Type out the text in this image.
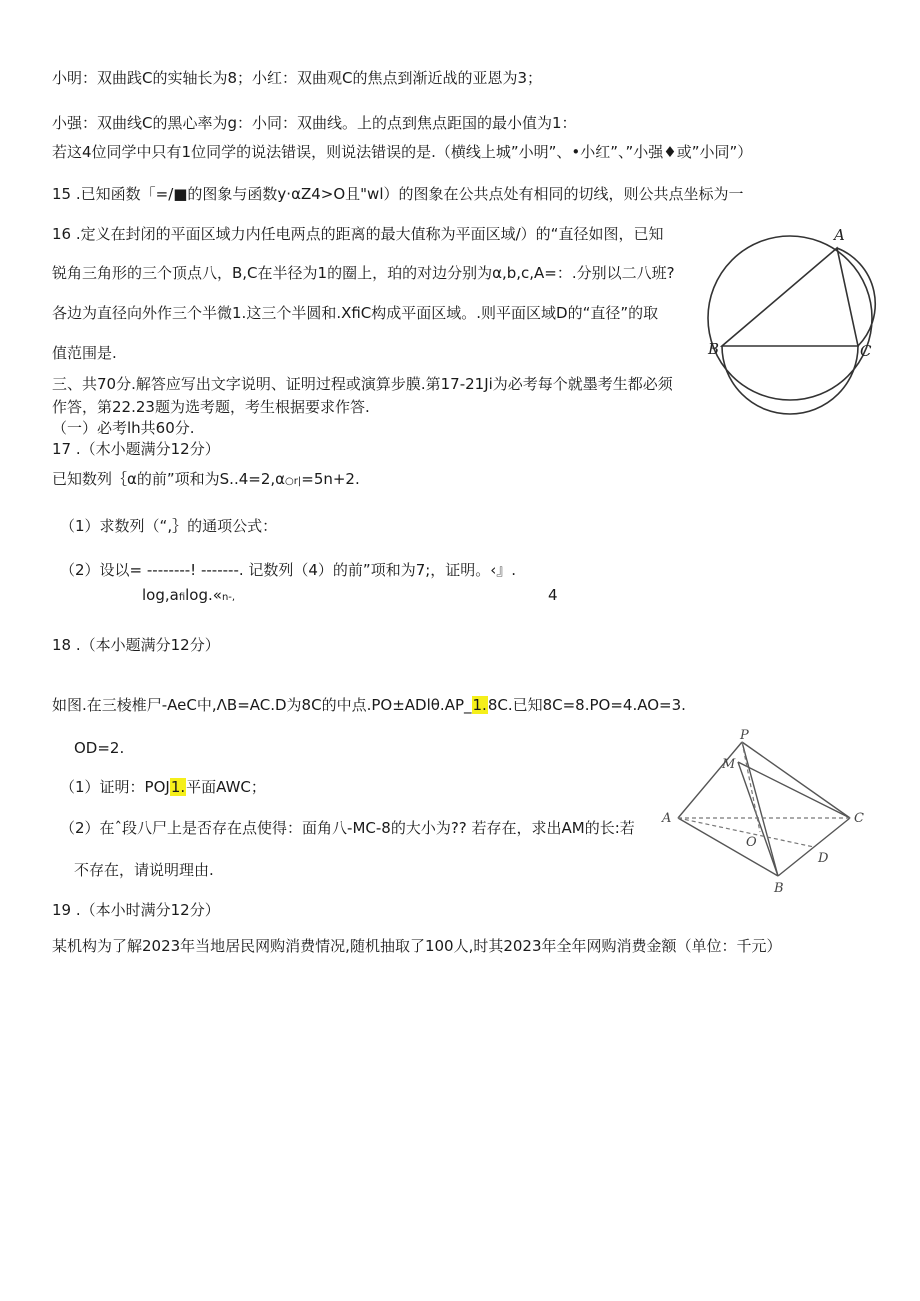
小明：双曲践C的实轴长为8；小红：双曲观C的焦点到渐近战的亚恩为3；
小强：双曲线C的黑心率为g：小同：双曲线。上的点到焦点距国的最小值为1：
若这4位同学中只有1位同学的说法错误，则说法错误的是.（横线上城”小明”、•小红”、”小强♦或”小同”）
15 .已知函数「=/■的图象与函数y·αZ4>O且"wl）的图象在公共点处有相同的切线，则公共点坐标为一
16 .定义在封闭的平面区域力内任电两点的距离的最大值称为平面区域/）的“直径如图，已知
锐角三角形的三个顶点八，B,C在半径为1的圈上，珀的对边分别为α,b,c,A=：.分别以二八班?
各边为直径向外作三个半微1.这三个半圆和.XfiC构成平面区域。.则平面区域D的“直径”的取
值范围是.
三、共70分.解答应写出文字说明、证明过程或演算步膜.第17-21Ji为必考每个就墨考生都必须
作答，第22.23题为选考题，考生根据要求作答.
（一）必考lh共60分.
17 .（木小题满分12分）
已知数列｛α的前”项和为S..4=2,α○r|=5n+2.
（1）求数列（“,｝的通项公式：
（2）设以= --------! -------. 记数列（4）的前”项和为7;，证明。‹』.
log,afilog.«n-,	4
18 .（本小题满分12分）
如图.在三棱椎尸-AeC中,ΛB=AC.D为8C的中点.PO±ADlθ.AP_1.8C.已知8C=8.PO=4.AO=3.
OD=2.
（1）证明：POJ1.平面AWC；
（2）在ˆ段八尸上是否存在点使得：面角八-MC-8的大小为?? 若存在，求出AM的长:若
不存在，请说明理由.
19 .（本小时满分12分）
某机构为了解2023年当地居民网购消费情况,随机抽取了100人,时其2023年全年网购消费金额（单位：千元）
A
B	C
P
M
A
O
C
D
B
